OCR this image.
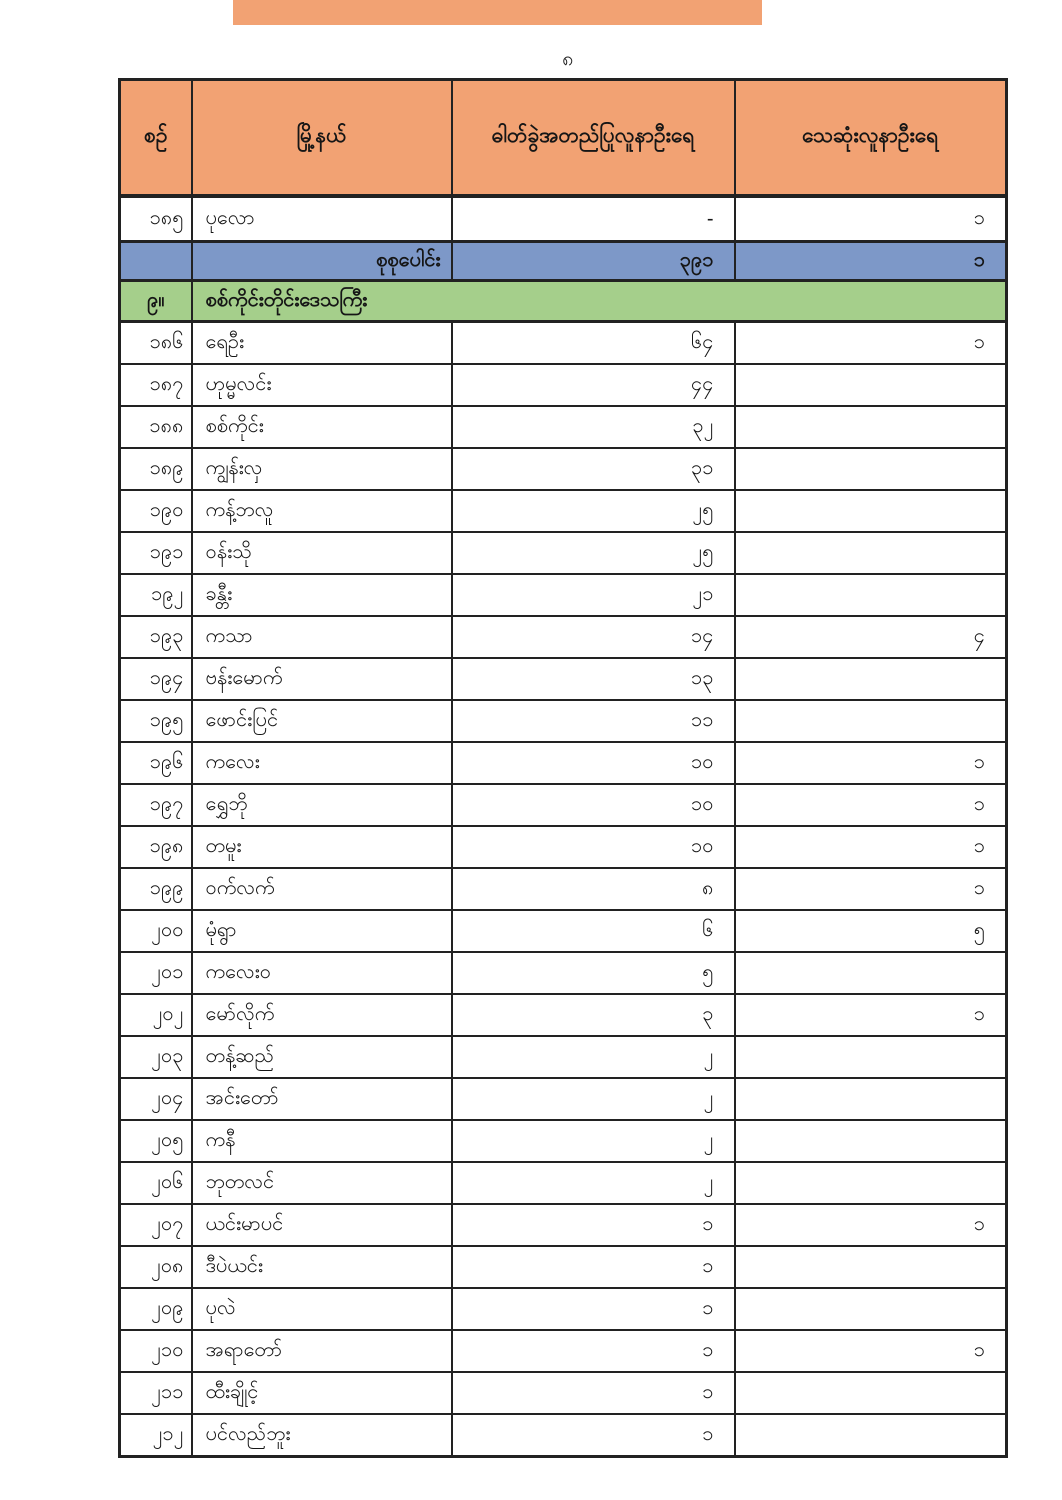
၈
စဉ်	မြို့နယ်	ဓါတ်ခွဲအတည်ပြုလူနာဦးရေ	သေဆုံးလူနာဦးရေ
၁၈၅	ပုလော	-	၁
	စုစုပေါင်း	၃၉၁	၁
၉။	စစ်ကိုင်းတိုင်းဒေသကြီး		
၁၈၆	ရေဦး	၆၄	၁
၁၈၇	ဟုမ္မလင်း	၄၄	
၁၈၈	စစ်ကိုင်း	၃၂	
၁၈၉	ကျွန်းလှ	၃၁	
၁၉၀	ကန့်ဘလူ	၂၅	
၁၉၁	ဝန်းသို	၂၅	
၁၉၂	ခန္တီး	၂၁	
၁၉၃	ကသာ	၁၄	၄
၁၉၄	ဗန်းမောက်	၁၃	
၁၉၅	ဖောင်းပြင်	၁၁	
၁၉၆	ကလေး	၁၀	၁
၁၉၇	ရွှေဘို	၁၀	၁
၁၉၈	တမူး	၁၀	၁
၁၉၉	ဝက်လက်	၈	၁
၂၀၀	မုံရွာ	၆	၅
၂၀၁	ကလေးဝ	၅	
၂၀၂	မော်လိုက်	၃	၁
၂၀၃	တန့်ဆည်	၂	
၂၀၄	အင်းတော်	၂	
၂၀၅	ကနီ	၂	
၂၀၆	ဘုတလင်	၂	
၂၀၇	ယင်းမာပင်	၁	၁
၂၀၈	ဒီပဲယင်း	၁	
၂၀၉	ပုလဲ	၁	
၂၁၀	အရာတော်	၁	၁
၂၁၁	ထီးချိုင့်	၁	
၂၁၂	ပင်လည်ဘူး	၁	
